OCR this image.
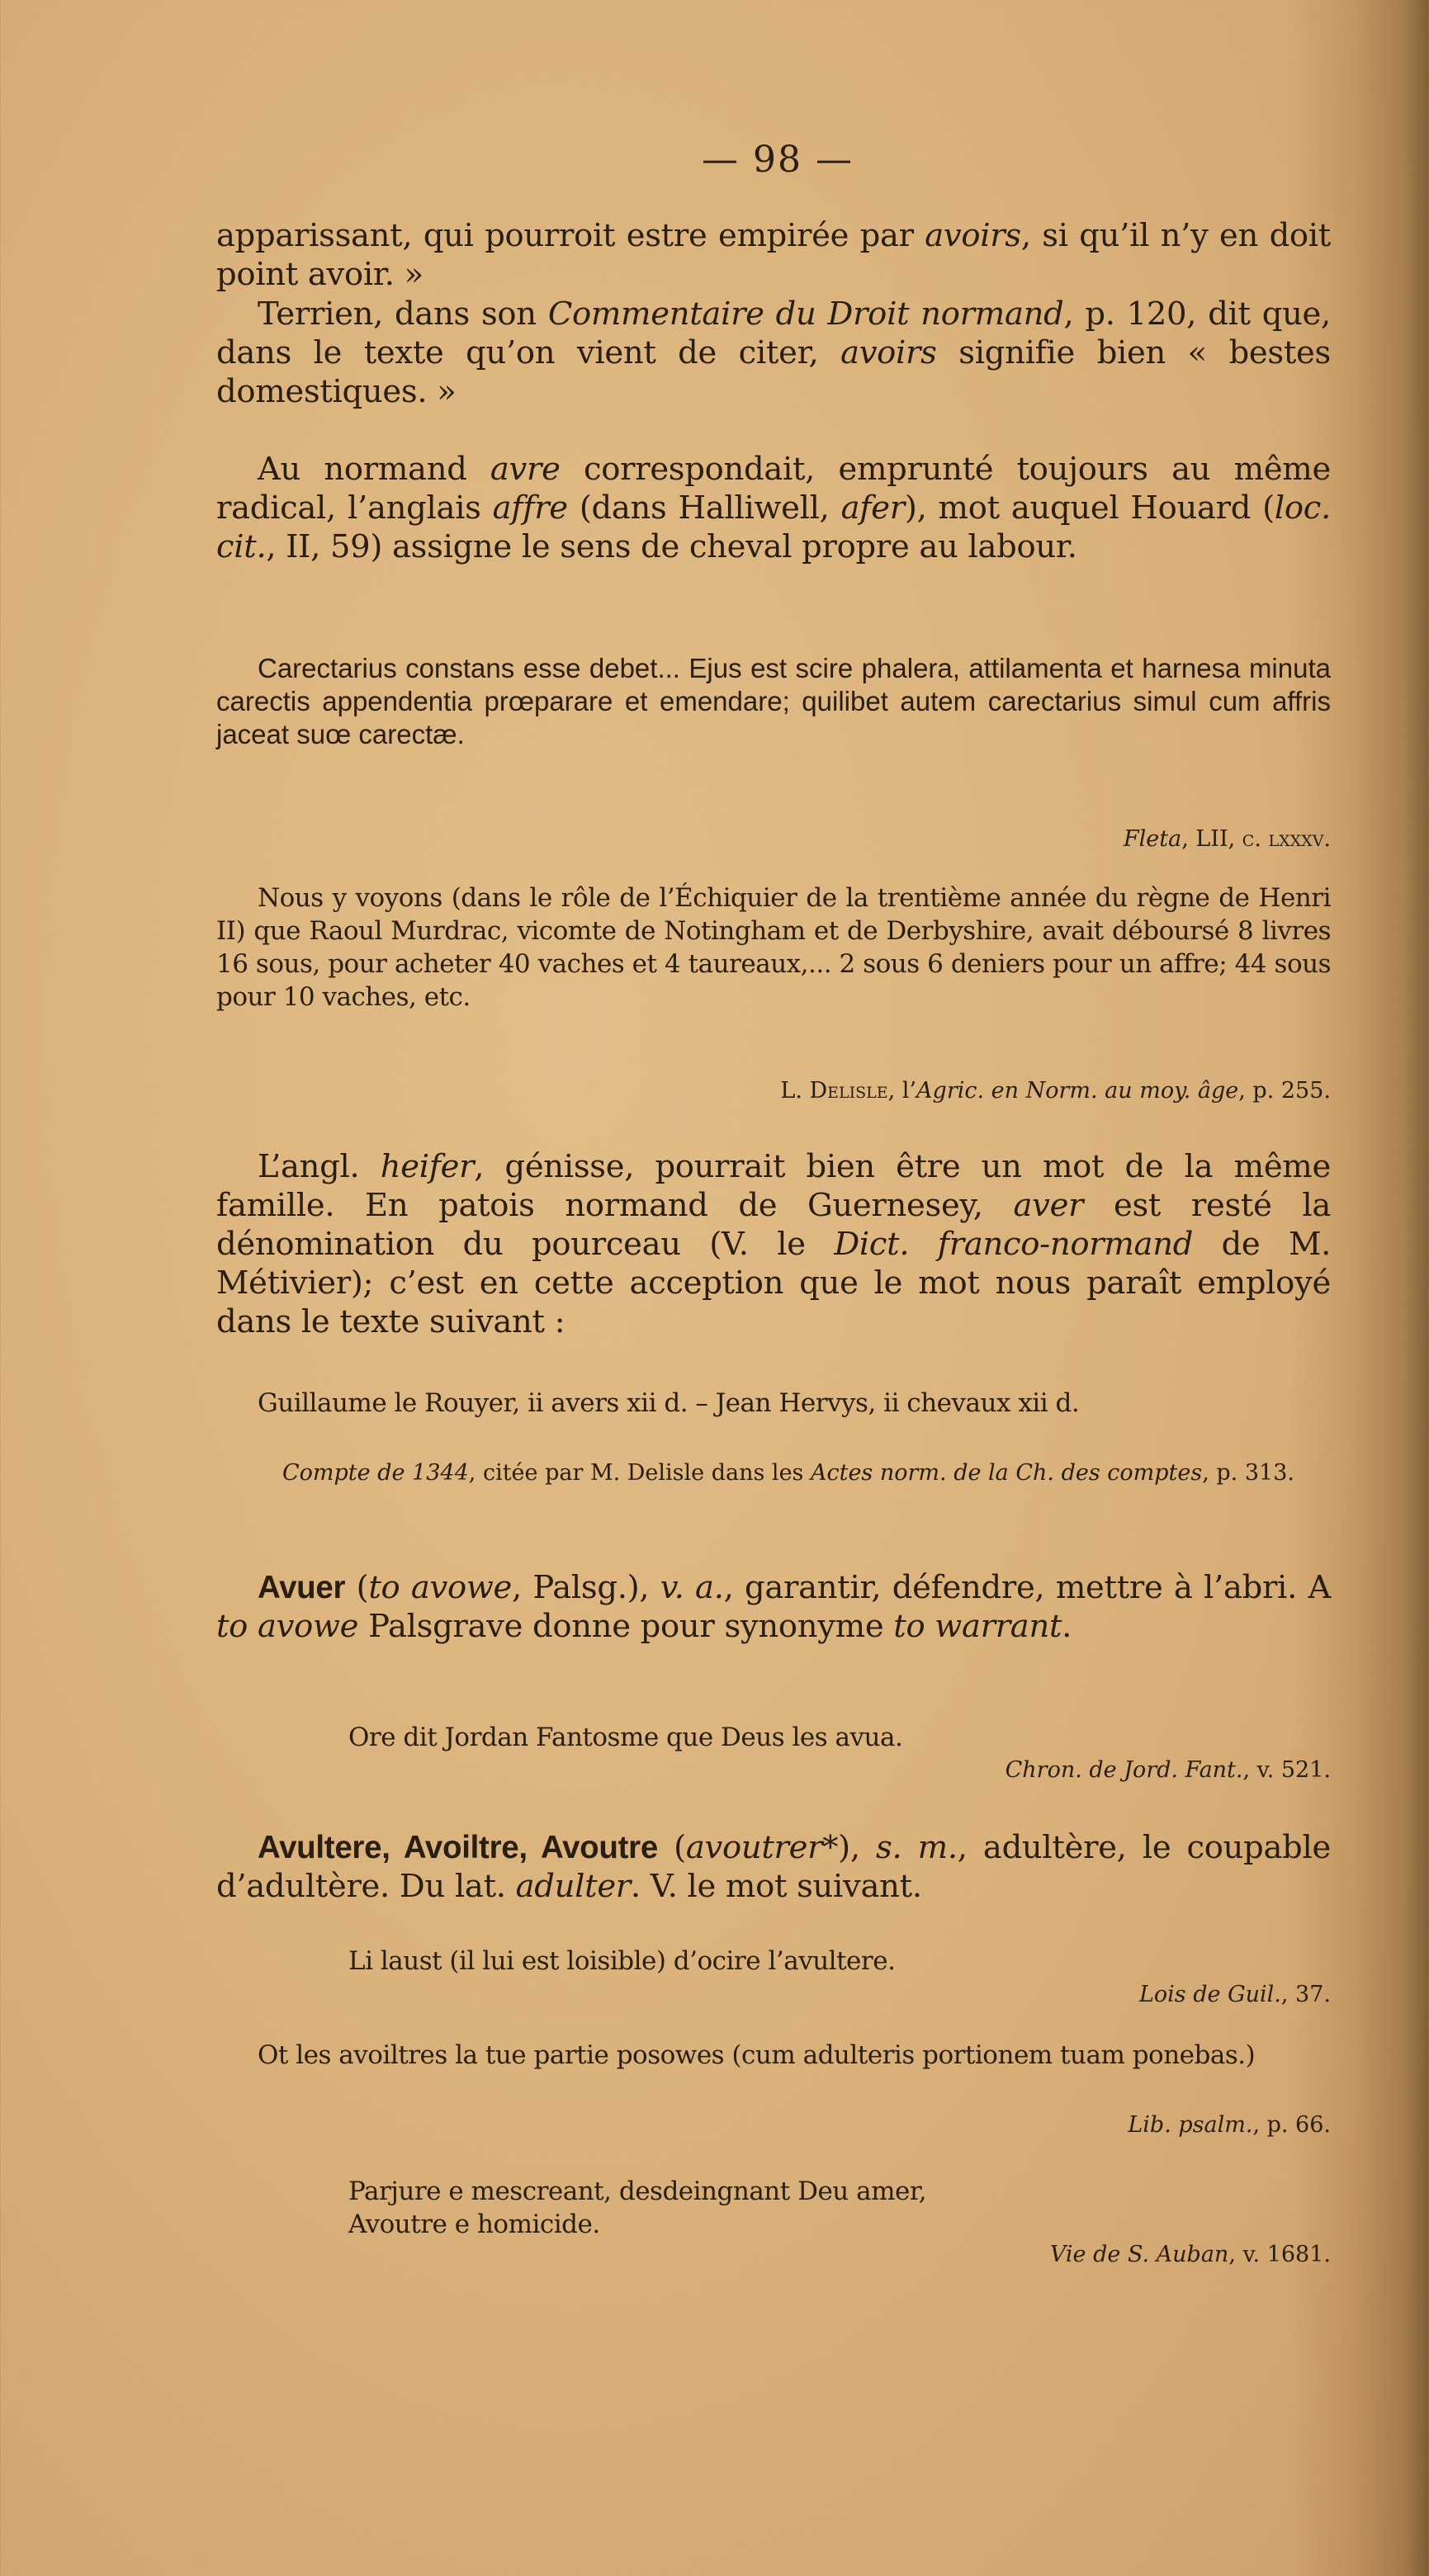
— 98 —
apparissant, qui pourroit estre empirée par avoirs, si qu’il n’y en doit point avoir. »
Terrien, dans son Commentaire du Droit normand, p. 120, dit que, dans le texte qu’on vient de citer, avoirs signifie bien « bestes domestiques. »
Au normand avre correspondait, emprunté toujours au même radical, l’anglais affre (dans Halliwell, afer), mot auquel Houard (loc. cit., II, 59) assigne le sens de cheval propre au labour.
Carectarius constans esse debet... Ejus est scire phalera, attilamenta et harnesa minuta carectis appendentia prœparare et emendare; quilibet autem carectarius simul cum affris jaceat suœ carectæ.
Fleta, LII, c. lxxxv.
Nous y voyons (dans le rôle de l’Échiquier de la trentième année du règne de Henri II) que Raoul Murdrac, vicomte de Notingham et de Derbyshire, avait déboursé 8 livres 16 sous, pour acheter 40 vaches et 4 taureaux,... 2 sous 6 deniers pour un affre; 44 sous pour 10 vaches, etc.
L. Delisle, l’Agric. en Norm. au moy. âge, p. 255.
L’angl. heifer, génisse, pourrait bien être un mot de la même famille. En patois normand de Guernesey, aver est resté la dénomination du pourceau (V. le Dict. franco-normand de M. Métivier); c’est en cette acception que le mot nous paraît employé dans le texte suivant :
Guillaume le Rouyer, ii avers xii d. – Jean Hervys, ii chevaux xii d.
Compte de 1344, citée par M. Delisle dans les Actes norm. de la Ch. des comptes, p. 313.
Avuer (to avowe, Palsg.), v. a., garantir, défendre, mettre à l’abri. A to avowe Palsgrave donne pour synonyme to warrant.
Ore dit Jordan Fantosme que Deus les avua.
Chron. de Jord. Fant., v. 521.
Avultere, Avoiltre, Avoutre (avoutrer*), s. m., adultère, le coupable d’adultère. Du lat. adulter. V. le mot suivant.
Li laust (il lui est loisible) d’ocire l’avultere.
Lois de Guil., 37.
Ot les avoiltres la tue partie posowes (cum adulteris portionem tuam ponebas.)
Lib. psalm., p. 66.
Parjure e mescreant, desdeingnant Deu amer,
Avoutre e homicide.
Vie de S. Auban, v. 1681.
